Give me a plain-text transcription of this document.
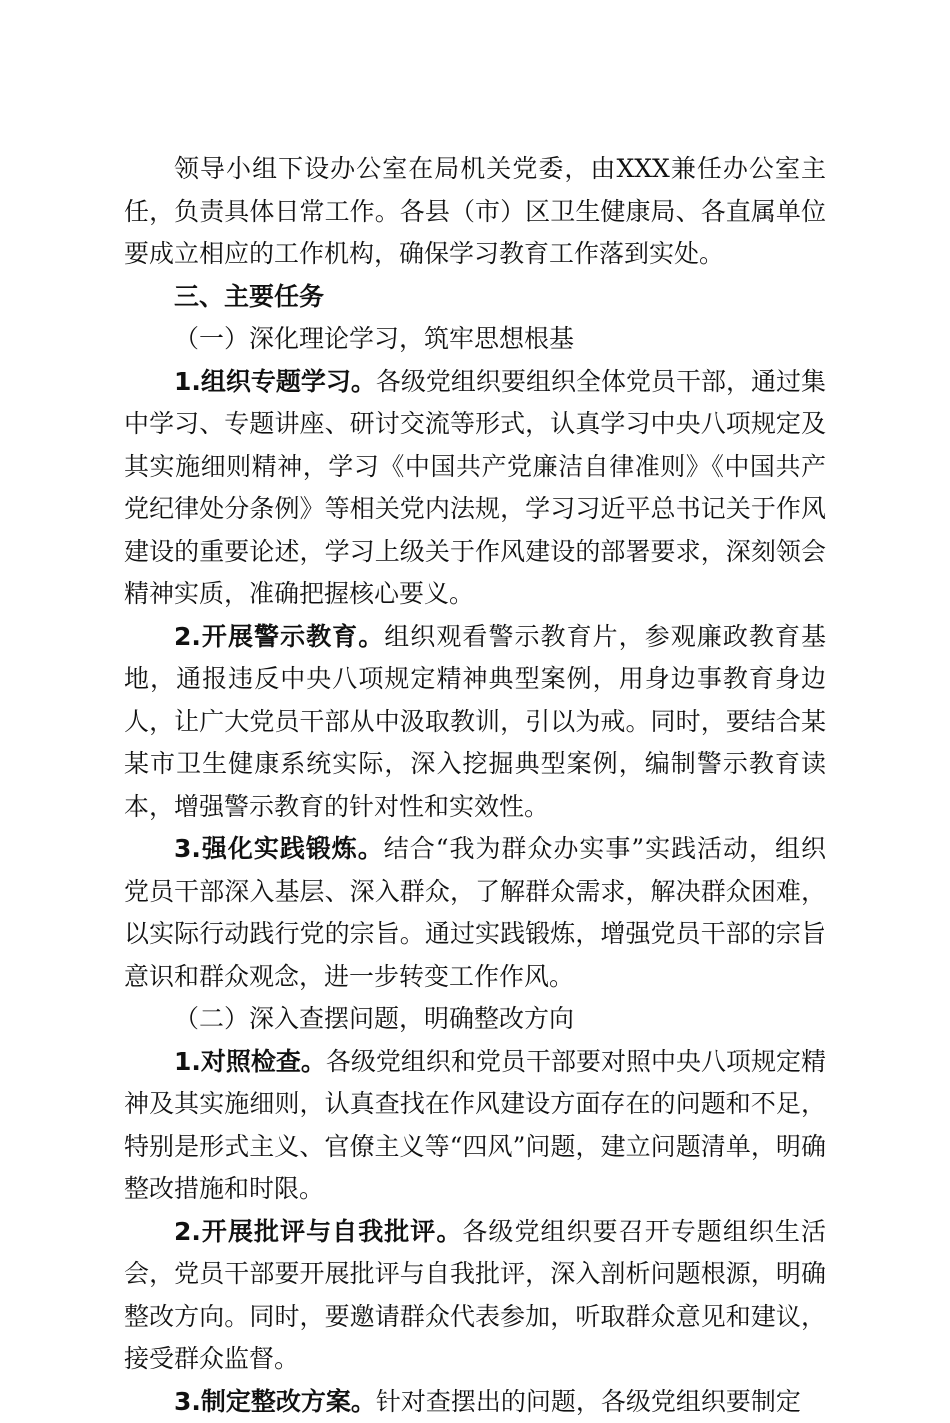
领导小组下设办公室在局机关党委，由XXX兼任办公室主任，负责具体日常工作。各县（市）区卫生健康局、各直属单位要成立相应的工作机构，确保学习教育工作落到实处。

三、主要任务

（一）深化理论学习，筑牢思想根基

1.组织专题学习。各级党组织要组织全体党员干部，通过集中学习、专题讲座、研讨交流等形式，认真学习中央八项规定及其实施细则精神，学习《中国共产党廉洁自律准则》《中国共产党纪律处分条例》等相关党内法规，学习习近平总书记关于作风建设的重要论述，学习上级关于作风建设的部署要求，深刻领会精神实质，准确把握核心要义。

2.开展警示教育。组织观看警示教育片，参观廉政教育基地，通报违反中央八项规定精神典型案例，用身边事教育身边人，让广大党员干部从中汲取教训，引以为戒。同时，要结合某某市卫生健康系统实际，深入挖掘典型案例，编制警示教育读本，增强警示教育的针对性和实效性。

3.强化实践锻炼。结合“我为群众办实事”实践活动，组织党员干部深入基层、深入群众，了解群众需求，解决群众困难，以实际行动践行党的宗旨。通过实践锻炼，增强党员干部的宗旨意识和群众观念，进一步转变工作作风。

（二）深入查摆问题，明确整改方向

1.对照检查。各级党组织和党员干部要对照中央八项规定精神及其实施细则，认真查找在作风建设方面存在的问题和不足，特别是形式主义、官僚主义等“四风”问题，建立问题清单，明确整改措施和时限。

2.开展批评与自我批评。各级党组织要召开专题组织生活会，党员干部要开展批评与自我批评，深入剖析问题根源，明确整改方向。同时，要邀请群众代表参加，听取群众意见和建议，接受群众监督。

3.制定整改方案。针对查摆出的问题，各级党组织要制定
